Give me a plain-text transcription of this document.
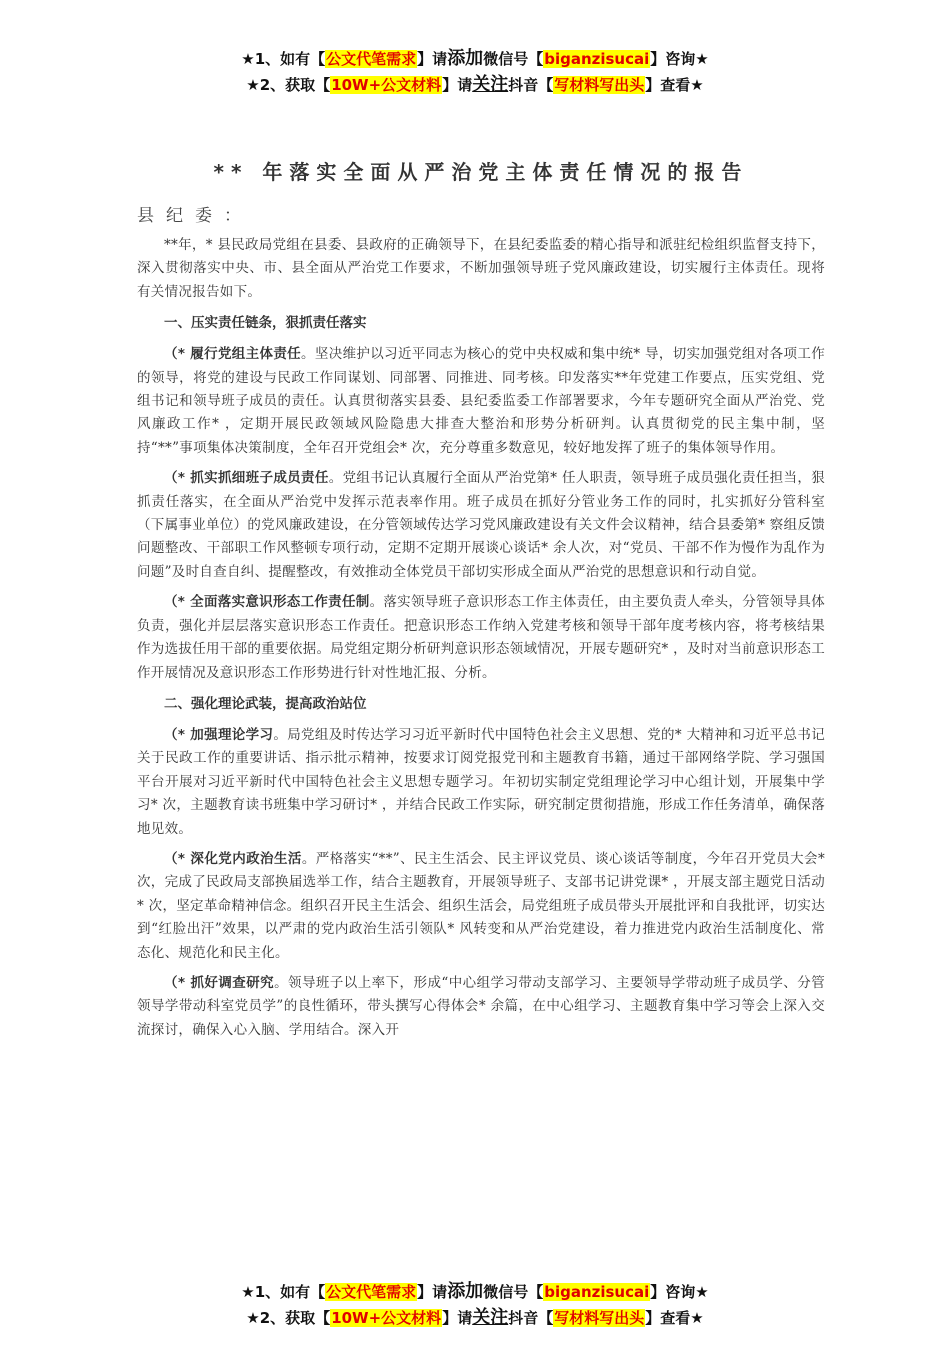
★1、如有【公文代笔需求】请添加微信号【biganzisucai】咨询★
★2、获取【10W+公文材料】请关注抖音【写材料写出头】查看★
** 年落实全面从严治党主体责任情况的报告
县纪委：

**年，* 县民政局党组在县委、县政府的正确领导下，在县纪委监委的精心指导和派驻纪检组织监督支持下，深入贯彻落实中央、市、县全面从严治党工作要求，不断加强领导班子党风廉政建设，切实履行主体责任。现将有关情况报告如下。

一、压实责任链条，狠抓责任落实

（* 履行党组主体责任。坚决维护以习近平同志为核心的党中央权威和集中统* 导，切实加强党组对各项工作的领导，将党的建设与民政工作同谋划、同部署、同推进、同考核。印发落实**年党建工作要点，压实党组、党组书记和领导班子成员的责任。认真贯彻落实县委、县纪委监委工作部署要求，今年专题研究全面从严治党、党风廉政工作* ，定期开展民政领域风险隐患大排查大整治和形势分析研判。认真贯彻党的民主集中制，坚持“**”事项集体决策制度，全年召开党组会* 次，充分尊重多数意见，较好地发挥了班子的集体领导作用。

（* 抓实抓细班子成员责任。党组书记认真履行全面从严治党第* 任人职责，领导班子成员强化责任担当，狠抓责任落实，在全面从严治党中发挥示范表率作用。班子成员在抓好分管业务工作的同时，扎实抓好分管科室（下属事业单位）的党风廉政建设，在分管领域传达学习党风廉政建设有关文件会议精神，结合县委第* 察组反馈问题整改、干部职工作风整顿专项行动，定期不定期开展谈心谈话* 余人次，对“党员、干部不作为慢作为乱作为问题”及时自查自纠、提醒整改，有效推动全体党员干部切实形成全面从严治党的思想意识和行动自觉。

（* 全面落实意识形态工作责任制。落实领导班子意识形态工作主体责任，由主要负责人牵头，分管领导具体负责，强化并层层落实意识形态工作责任。把意识形态工作纳入党建考核和领导干部年度考核内容，将考核结果作为选拔任用干部的重要依据。局党组定期分析研判意识形态领域情况，开展专题研究* ，及时对当前意识形态工作开展情况及意识形态工作形势进行针对性地汇报、分析。

二、强化理论武装，提高政治站位

（* 加强理论学习。局党组及时传达学习习近平新时代中国特色社会主义思想、党的* 大精神和习近平总书记关于民政工作的重要讲话、指示批示精神，按要求订阅党报党刊和主题教育书籍，通过干部网络学院、学习强国平台开展对习近平新时代中国特色社会主义思想专题学习。年初切实制定党组理论学习中心组计划，开展集中学习* 次，主题教育读书班集中学习研讨* ，并结合民政工作实际，研究制定贯彻措施，形成工作任务清单，确保落地见效。

（* 深化党内政治生活。严格落实“**”、民主生活会、民主评议党员、谈心谈话等制度，今年召开党员大会* 次，完成了民政局支部换届选举工作，结合主题教育，开展领导班子、支部书记讲党课* ，开展支部主题党日活动* 次，坚定革命精神信念。组织召开民主生活会、组织生活会，局党组班子成员带头开展批评和自我批评，切实达到“红脸出汗”效果，以严肃的党内政治生活引领队* 风转变和从严治党建设，着力推进党内政治生活制度化、常态化、规范化和民主化。

（* 抓好调查研究。领导班子以上率下，形成“中心组学习带动支部学习、主要领导学带动班子成员学、分管领导学带动科室党员学”的良性循环，带头撰写心得体会* 余篇，在中心组学习、主题教育集中学习等会上深入交流探讨，确保入心入脑、学用结合。深入开

★1、如有【公文代笔需求】请添加微信号【biganzisucai】咨询★
★2、获取【10W+公文材料】请关注抖音【写材料写出头】查看★
